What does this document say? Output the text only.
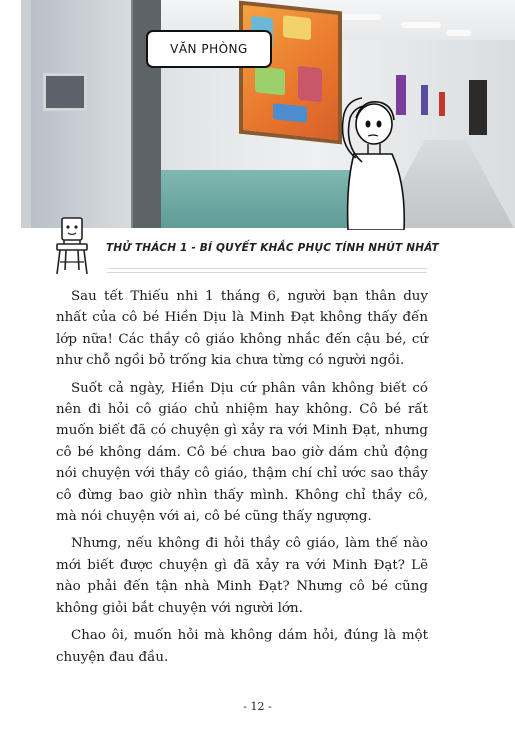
VĂN PHÒNG
THỬ THÁCH 1 - BÍ QUYẾT KHẮC PHỤC TÍNH NHÚT NHÁT

Sau tết Thiếu nhi 1 tháng 6, người bạn thân duy nhất của cô bé Hiền Dịu là Minh Đạt không thấy đến lớp nữa! Các thầy cô giáo không nhắc đến cậu bé, cứ như chỗ ngồi bỏ trống kia chưa từng có người ngồi.

Suốt cả ngày, Hiền Dịu cứ phân vân không biết có nên đi hỏi cô giáo chủ nhiệm hay không. Cô bé rất muốn biết đã có chuyện gì xảy ra với Minh Đạt, nhưng cô bé không dám. Cô bé chưa bao giờ dám chủ động nói chuyện với thầy cô giáo, thậm chí chỉ ước sao thầy cô đừng bao giờ nhìn thấy mình. Không chỉ thầy cô, mà nói chuyện với ai, cô bé cũng thấy ngượng.

Nhưng, nếu không đi hỏi thầy cô giáo, làm thế nào mới biết được chuyện gì đã xảy ra với Minh Đạt? Lẽ nào phải đến tận nhà Minh Đạt? Nhưng cô bé cũng không giỏi bắt chuyện với người lớn.

Chao ôi, muốn hỏi mà không dám hỏi, đúng là một chuyện đau đầu.

- 12 -
